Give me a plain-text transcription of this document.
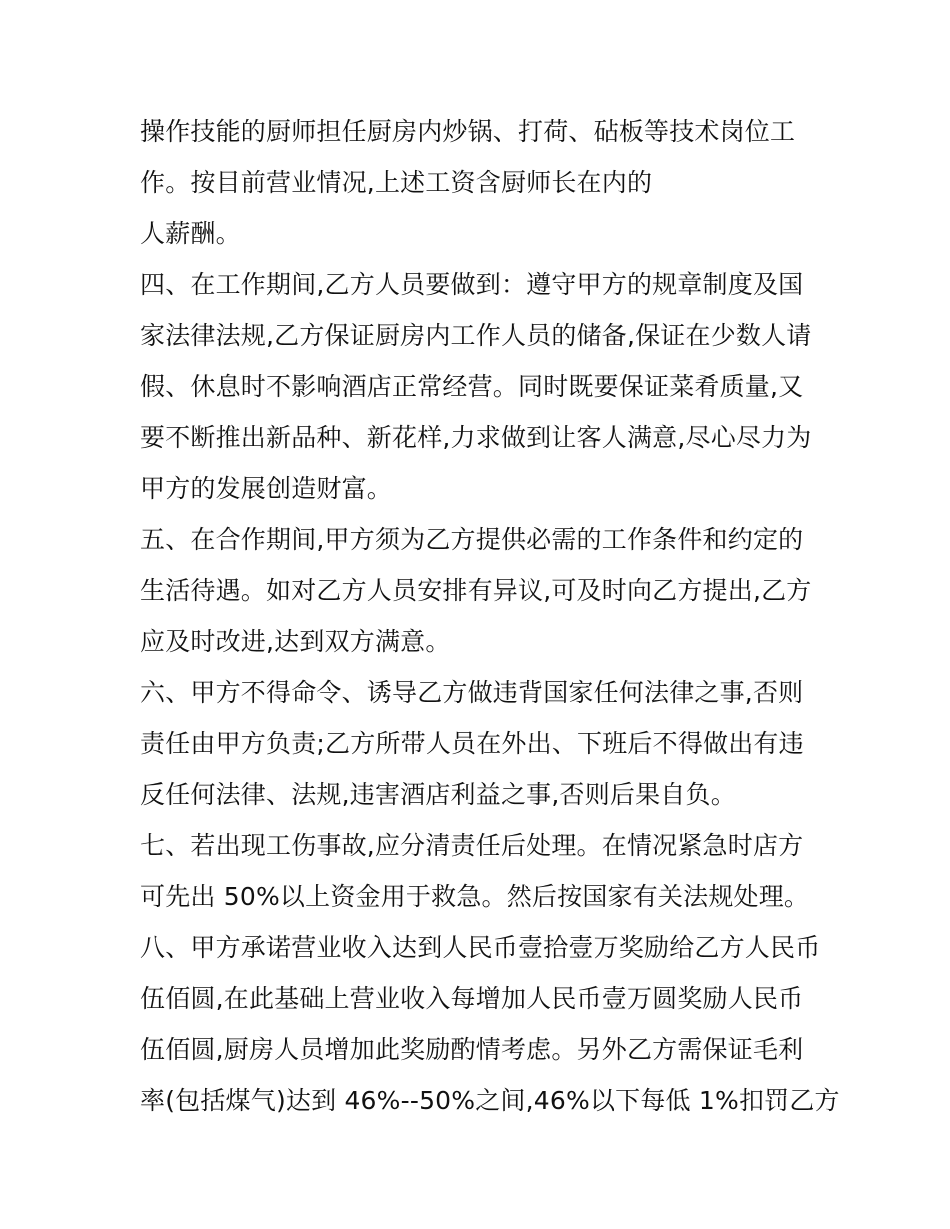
操作技能的厨师担任厨房内炒锅、打荷、砧板等技术岗位工
作。按目前营业情况,上述工资含厨师长在内的
人薪酬。
四、在工作期间,乙方人员要做到：遵守甲方的规章制度及国
家法律法规,乙方保证厨房内工作人员的储备,保证在少数人请
假、休息时不影响酒店正常经营。同时既要保证菜肴质量,又
要不断推出新品种、新花样,力求做到让客人满意,尽心尽力为
甲方的发展创造财富。
五、在合作期间,甲方须为乙方提供必需的工作条件和约定的
生活待遇。如对乙方人员安排有异议,可及时向乙方提出,乙方
应及时改进,达到双方满意。
六、甲方不得命令、诱导乙方做违背国家任何法律之事,否则
责任由甲方负责;乙方所带人员在外出、下班后不得做出有违
反任何法律、法规,违害酒店利益之事,否则后果自负。
七、若出现工伤事故,应分清责任后处理。在情况紧急时店方
可先出 50%以上资金用于救急。然后按国家有关法规处理。
八、甲方承诺营业收入达到人民币壹拾壹万奖励给乙方人民币
伍佰圆,在此基础上营业收入每增加人民币壹万圆奖励人民币
伍佰圆,厨房人员增加此奖励酌情考虑。另外乙方需保证毛利
率(包括煤气)达到 46%--50%之间,46%以下每低 1%扣罚乙方
